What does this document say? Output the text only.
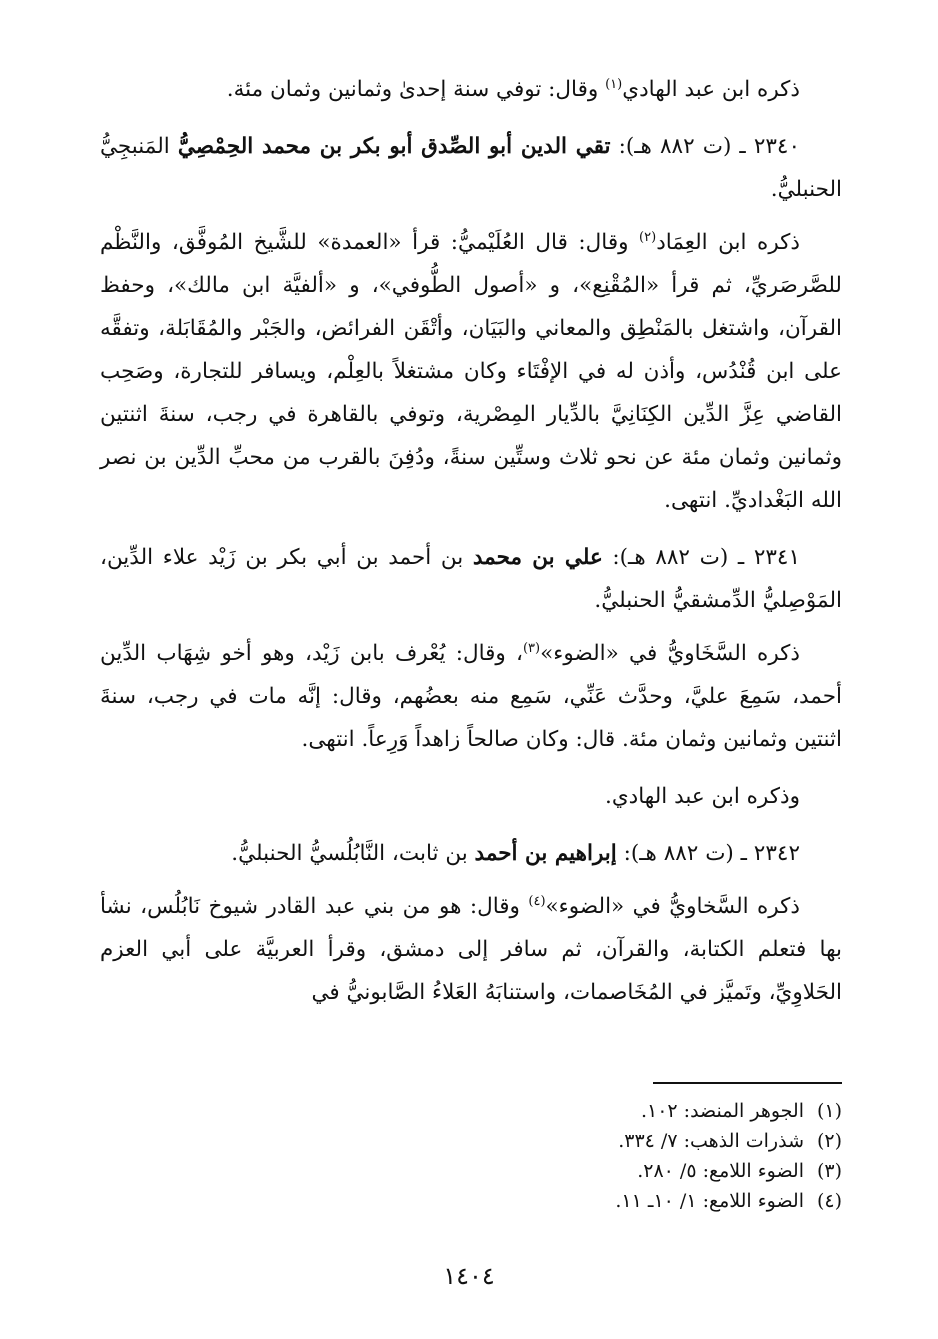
ذكره ابن عبد الهادي$^{(١)}$ وقال: توفي سنة إحدىٰ وثمانين وثمان مئة.

٢٣٤٠ ـ (ت ٨٨٢ هـ): تقي الدين أبو الصِّدق أبو بكر بن محمد الحِمْصِيُّ المَنبجِيُّ الحنبليُّ.

ذكره ابن العِمَاد$^{(٢)}$ وقال: قال العُلَيْميُّ: قرأ «العمدة» للشَّيخ المُوفَّق، والنَّظْم للصَّرصَريِّ، ثم قرأ «المُقْنِع»، و «أصول الطُّوفي»، و «ألفيَّة ابن مالك»، وحفظ القرآن، واشتغل بالمَنْطِق والمعاني والبَيَان، وأتْقَن الفرائض، والجَبْر والمُقَابَلة، وتفقَّه على ابن قُنْدُس، وأذن له في الإفْتَاء وكان مشتغلاً بالعِلْم، ويسافر للتجارة، وصَحِب القاضي عِزَّ الدِّين الكِنَانِيَّ بالدِّيار المِصْرية، وتوفي بالقاهرة في رجب، سنةَ اثنتين وثمانين وثمان مئة عن نحو ثلاث وستِّين سنةً، ودُفِنَ بالقرب من محبِّ الدِّين بن نصر الله البَغْداديِّ. انتهى.

٢٣٤١ ـ (ت ٨٨٢ هـ): علي بن محمد بن أحمد بن أبي بكر بن زَيْد علاء الدِّين، المَوْصِليُّ الدِّمشقيُّ الحنبليُّ.

ذكره السَّخَاويُّ في «الضوء»$^{(٣)}$، وقال: يُعْرف بابن زَيْد، وهو أخو شِهَاب الدِّين أحمد، سَمِعَ عليَّ، وحدَّث عَنِّي، سَمِع منه بعضُهم، وقال: إنَّه مات في رجب، سنةَ اثنتين وثمانين وثمان مئة. قال: وكان صالحاً زاهداً وَرِعاً. انتهى.

وذكره ابن عبد الهادي.

٢٣٤٢ ـ (ت ٨٨٢ هـ): إبراهيم بن أحمد بن ثابت، النَّابُلُسيُّ الحنبليُّ.

ذكره السَّخاويُّ في «الضوء»$^{(٤)}$ وقال: هو من بني عبد القادر شيوخ نَابُلُس، نشأ بها فتعلم الكتابة، والقرآن، ثم سافر إلى دمشق، وقرأ العربيَّة على أبي العزم الحَلاوِيِّ، وتَميَّز في المُخَاصمات، واستنابَهُ العَلاءُ الصَّابونيُّ في

(١)الجوهر المنضد: ١٠٢.

(٢)شذرات الذهب: ٧/ ٣٣٤.

(٣)الضوء اللامع: ٥/ ٢٨٠.

(٤)الضوء اللامع: ١/ ١٠ـ ١١.

١٤٠٤
